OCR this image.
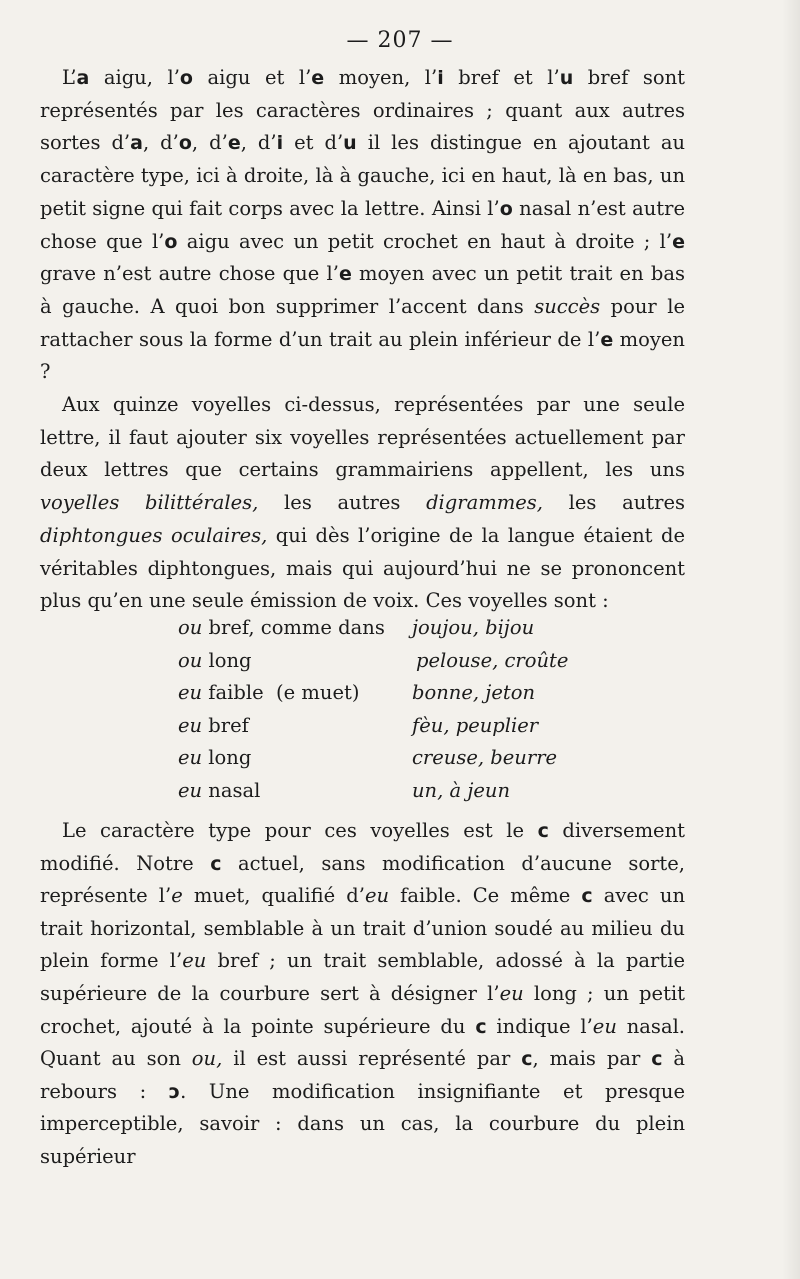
— 207 —

L’a aigu, l’o aigu et l’e moyen, l’i bref et l’u bref sont représentés par les caractères ordinaires ; quant aux autres sortes d’a, d’o, d’e, d’i et d’u il les distingue en ajoutant au caractère type, ici à droite, là à gauche, ici en haut, là en bas, un petit signe qui fait corps avec la lettre. Ainsi l’o nasal n’est autre chose que l’o aigu avec un petit crochet en haut à droite ; l’e grave n’est autre chose que l’e moyen avec un petit trait en bas à gauche. A quoi bon supprimer l’accent dans succès pour le rattacher sous la forme d’un trait au plein inférieur de l’e moyen ?

Aux quinze voyelles ci-dessus, représentées par une seule lettre, il faut ajouter six voyelles représentées actuellement par deux lettres que certains grammairiens appellent, les uns voyelles bilittérales, les autres digrammes, les autres diphtongues oculaires, qui dès l’origine de la langue étaient de véritables diphtongues, mais qui aujourd’hui ne se prononcent plus qu’en une seule émission de voix. Ces voyelles sont :

ou bref, comme dans joujou, bijou
ou long	pelouse, croûte
eu faible  (e muet)	bonne, jeton
eu bref	fèu, peuplier
eu long	creuse, beurre
eu nasal	un, à jeun

Le caractère type pour ces voyelles est le c diversement modifié. Notre c actuel, sans modification d’aucune sorte, représente l’e muet, qualifié d’eu faible. Ce même c avec un trait horizontal, semblable à un trait d’union soudé au milieu du plein forme l’eu bref ; un trait semblable, adossé à la partie supérieure de la courbure sert à désigner l’eu long ; un petit crochet, ajouté à la pointe supérieure du c indique l’eu nasal. Quant au son ou, il est aussi représenté par c, mais par c à rebours : ɔ. Une modification insignifiante et presque imperceptible, savoir : dans un cas, la courbure du plein supérieur
